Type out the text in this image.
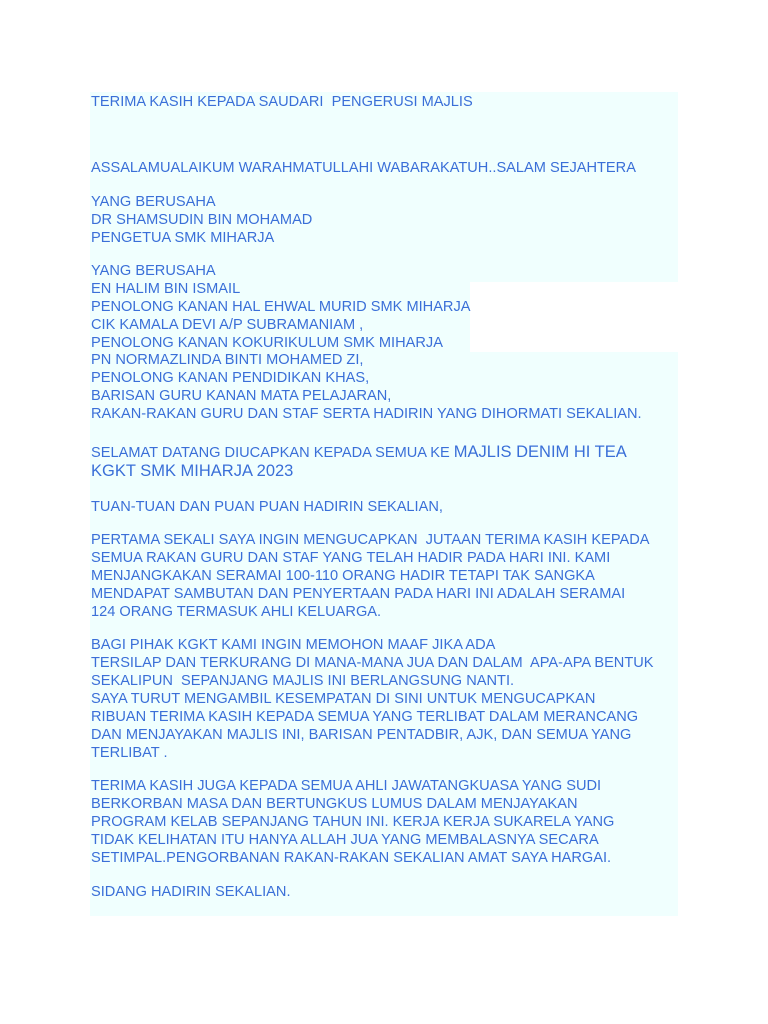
TERIMA KASIH KEPADA SAUDARI  PENGERUSI MAJLIS
ASSALAMUALAIKUM WARAHMATULLAHI WABARAKATUH..SALAM SEJAHTERA
YANG BERUSAHA
DR SHAMSUDIN BIN MOHAMAD
PENGETUA SMK MIHARJA
YANG BERUSAHA
EN HALIM BIN ISMAIL
PENOLONG KANAN HAL EHWAL MURID SMK MIHARJA
CIK KAMALA DEVI A/P SUBRAMANIAM ,
PENOLONG KANAN KOKURIKULUM SMK MIHARJA
PN NORMAZLINDA BINTI MOHAMED ZI,
PENOLONG KANAN PENDIDIKAN KHAS,
BARISAN GURU KANAN MATA PELAJARAN,
RAKAN-RAKAN GURU DAN STAF SERTA HADIRIN YANG DIHORMATI SEKALIAN.
SELAMAT DATANG DIUCAPKAN KEPADA SEMUA KE MAJLIS DENIM HI TEA
KGKT SMK MIHARJA 2023
TUAN-TUAN DAN PUAN PUAN HADIRIN SEKALIAN,
PERTAMA SEKALI SAYA INGIN MENGUCAPKAN  JUTAAN TERIMA KASIH KEPADA
SEMUA RAKAN GURU DAN STAF YANG TELAH HADIR PADA HARI INI. KAMI
MENJANGKAKAN SERAMAI 100-110 ORANG HADIR TETAPI TAK SANGKA
MENDAPAT SAMBUTAN DAN PENYERTAAN PADA HARI INI ADALAH SERAMAI
124 ORANG TERMASUK AHLI KELUARGA.
BAGI PIHAK KGKT KAMI INGIN MEMOHON MAAF JIKA ADA
TERSILAP DAN TERKURANG DI MANA-MANA JUA DAN DALAM  APA-APA BENTUK
SEKALIPUN  SEPANJANG MAJLIS INI BERLANGSUNG NANTI.
SAYA TURUT MENGAMBIL KESEMPATAN DI SINI UNTUK MENGUCAPKAN
RIBUAN TERIMA KASIH KEPADA SEMUA YANG TERLIBAT DALAM MERANCANG
DAN MENJAYAKAN MAJLIS INI, BARISAN PENTADBIR, AJK, DAN SEMUA YANG
TERLIBAT .
TERIMA KASIH JUGA KEPADA SEMUA AHLI JAWATANGKUASA YANG SUDI
BERKORBAN MASA DAN BERTUNGKUS LUMUS DALAM MENJAYAKAN
PROGRAM KELAB SEPANJANG TAHUN INI. KERJA KERJA SUKARELA YANG
TIDAK KELIHATAN ITU HANYA ALLAH JUA YANG MEMBALASNYA SECARA
SETIMPAL.PENGORBANAN RAKAN-RAKAN SEKALIAN AMAT SAYA HARGAI.
SIDANG HADIRIN SEKALIAN.
